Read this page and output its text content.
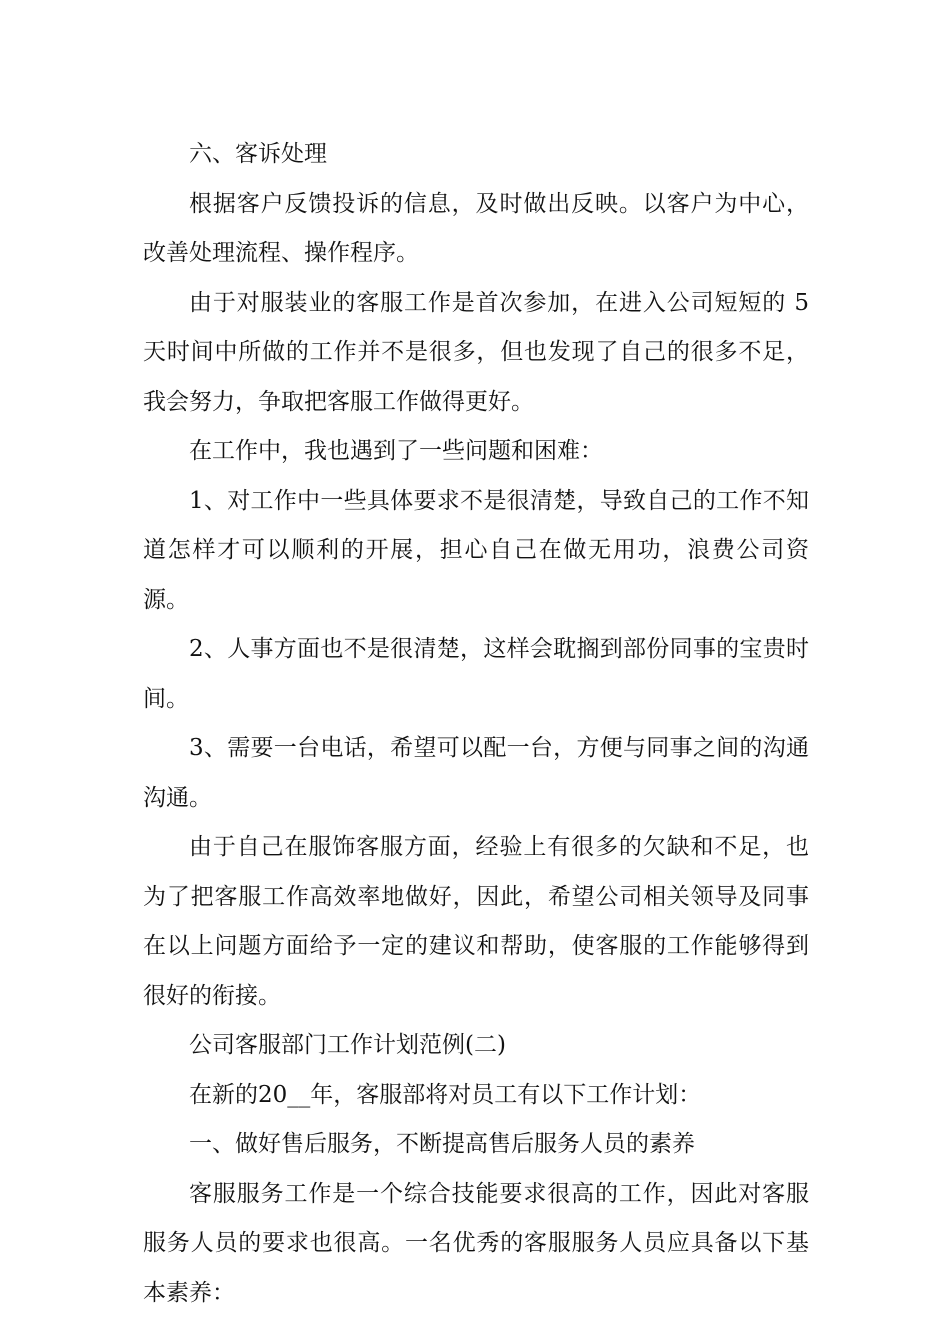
六、客诉处理

根据客户反馈投诉的信息，及时做出反映。以客户为中心，改善处理流程、操作程序。

由于对服装业的客服工作是首次参加，在进入公司短短的 5 天时间中所做的工作并不是很多，但也发现了自己的很多不足，我会努力，争取把客服工作做得更好。

在工作中，我也遇到了一些问题和困难：

1、对工作中一些具体要求不是很清楚，导致自己的工作不知道怎样才可以顺利的开展，担心自己在做无用功，浪费公司资源。

2、人事方面也不是很清楚，这样会耽搁到部份同事的宝贵时间。

3、需要一台电话，希望可以配一台，方便与同事之间的沟通沟通。

由于自己在服饰客服方面，经验上有很多的欠缺和不足，也为了把客服工作高效率地做好，因此，希望公司相关领导及同事在以上问题方面给予一定的建议和帮助，使客服的工作能够得到很好的衔接。

公司客服部门工作计划范例(二)

在新的20__年，客服部将对员工有以下工作计划：

一、做好售后服务，不断提高售后服务人员的素养

客服服务工作是一个综合技能要求很高的工作，因此对客服服务人员的要求也很高。一名优秀的客服服务人员应具备以下基本素养：
